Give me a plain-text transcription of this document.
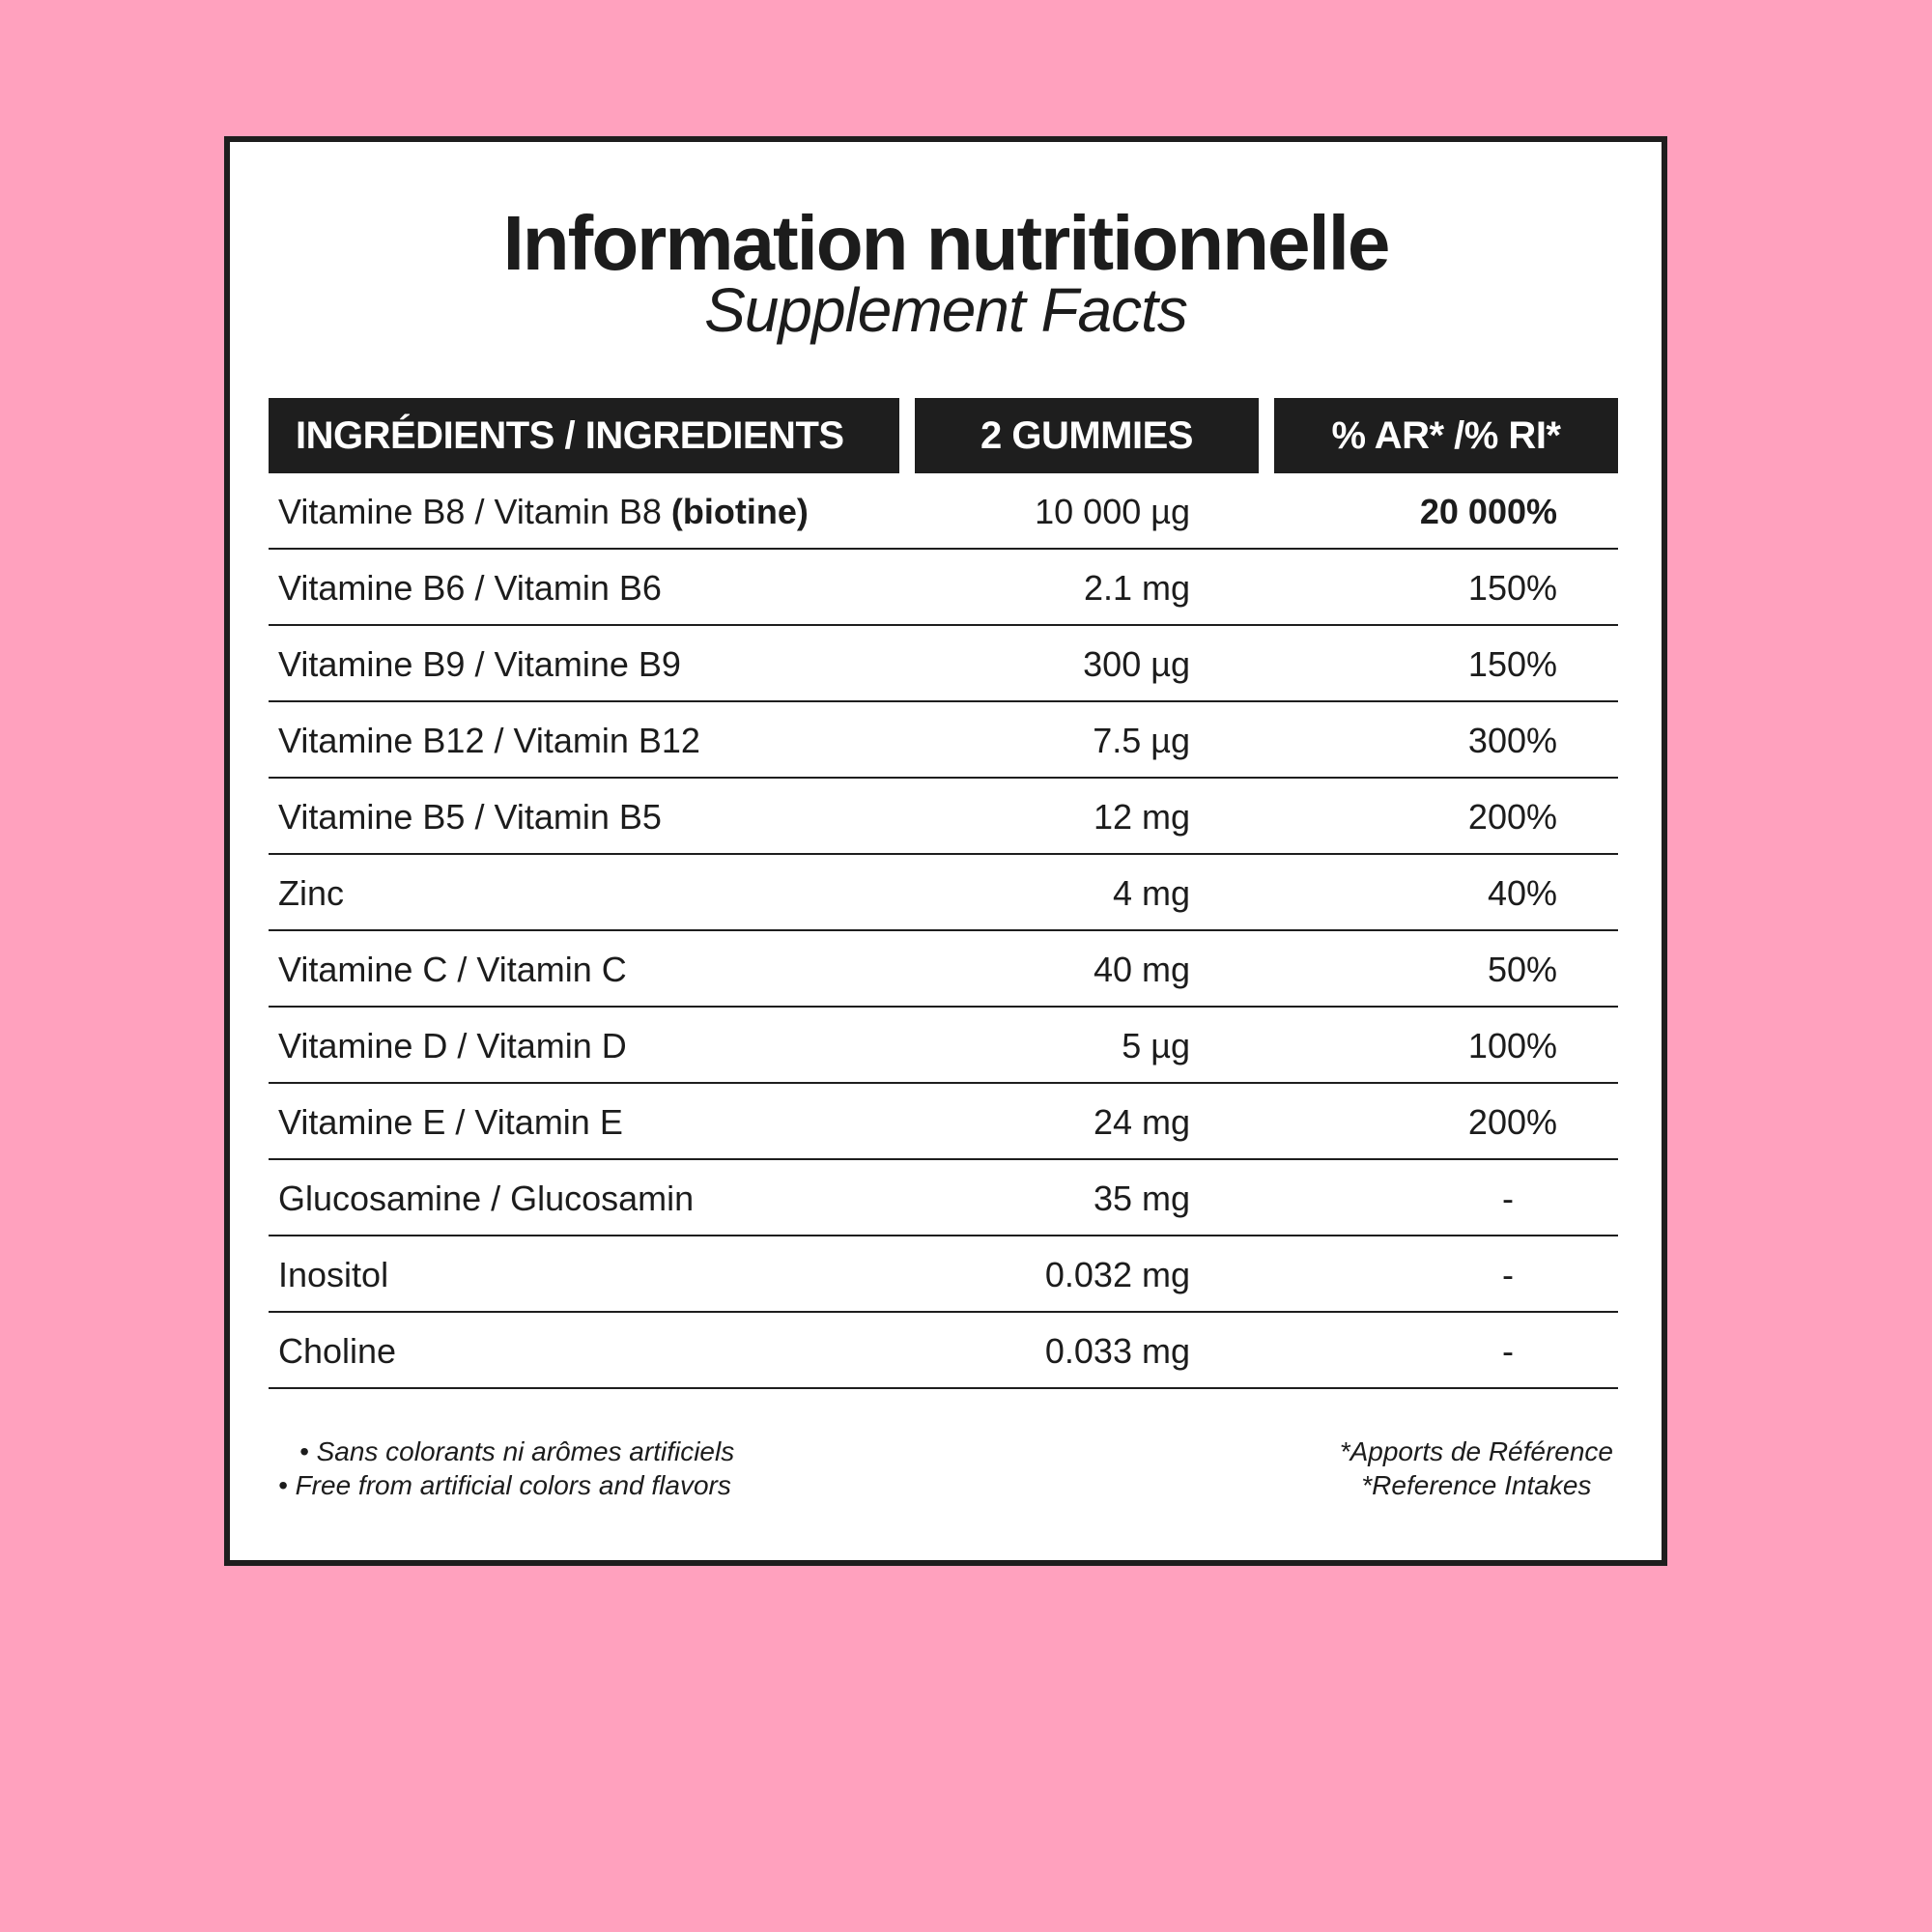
Information nutritionnelle
Supplement Facts
INGRÉDIENTS / INGREDIENTS	2 GUMMIES	% AR* /% RI*
Vitamine B8 / Vitamin B8 (biotine)	10 000 µg	20 000%
Vitamine B6 / Vitamin B6	2.1 mg	150%
Vitamine B9 / Vitamine B9	300 µg	150%
Vitamine B12 / Vitamin B12	7.5 µg	300%
Vitamine B5 / Vitamin B5	12 mg	200%
Zinc	4 mg	40%
Vitamine C / Vitamin C	40 mg	50%
Vitamine D / Vitamin D	5 µg	100%
Vitamine E / Vitamin E	24 mg	200%
Glucosamine / Glucosamin	35 mg	-
Inositol	0.032 mg	-
Choline	0.033 mg	-
• Sans colorants ni arômes artificiels
• Free from artificial colors and flavors
*Apports de Référence
*Reference Intakes
